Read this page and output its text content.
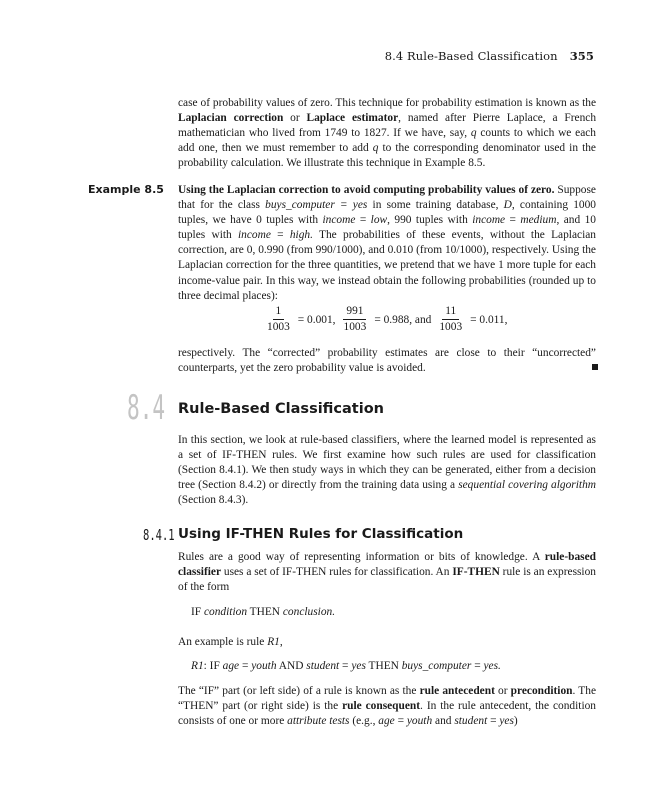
8.4 Rule-Based Classification 355

case of probability values of zero. This technique for probability estimation is known as the Laplacian correction or Laplace estimator, named after Pierre Laplace, a French mathematician who lived from 1749 to 1827. If we have, say, q counts to which we each add one, then we must remember to add q to the corresponding denominator used in the probability calculation. We illustrate this technique in Example 8.5.

Example 8.5 Using the Laplacian correction to avoid computing probability values of zero. Suppose that for the class buys_computer = yes in some training database, D, containing 1000 tuples, we have 0 tuples with income = low, 990 tuples with income = medium, and 10 tuples with income = high. The probabilities of these events, without the Laplacian correction, are 0, 0.990 (from 990/1000), and 0.010 (from 10/1000), respectively. Using the Laplacian correction for the three quantities, we pretend that we have 1 more tuple for each income-value pair. In this way, we instead obtain the following probabilities (rounded up to three decimal places):

$\frac{1}{1003} = 0.001$, $\frac{991}{1003} = 0.988$, and $\frac{11}{1003} = 0.011$,

respectively. The “corrected” probability estimates are close to their “uncorrected” counterparts, yet the zero probability value is avoided.

8.4 Rule-Based Classification

In this section, we look at rule-based classifiers, where the learned model is represented as a set of IF-THEN rules. We first examine how such rules are used for classification (Section 8.4.1). We then study ways in which they can be generated, either from a decision tree (Section 8.4.2) or directly from the training data using a sequential covering algorithm (Section 8.4.3).

8.4.1 Using IF-THEN Rules for Classification

Rules are a good way of representing information or bits of knowledge. A rule-based classifier uses a set of IF-THEN rules for classification. An IF-THEN rule is an expression of the form

IF condition THEN conclusion.

An example is rule R1,

R1: IF age = youth AND student = yes THEN buys_computer = yes.

The “IF” part (or left side) of a rule is known as the rule antecedent or precondition. The “THEN” part (or right side) is the rule consequent. In the rule antecedent, the condition consists of one or more attribute tests (e.g., age = youth and student = yes)
